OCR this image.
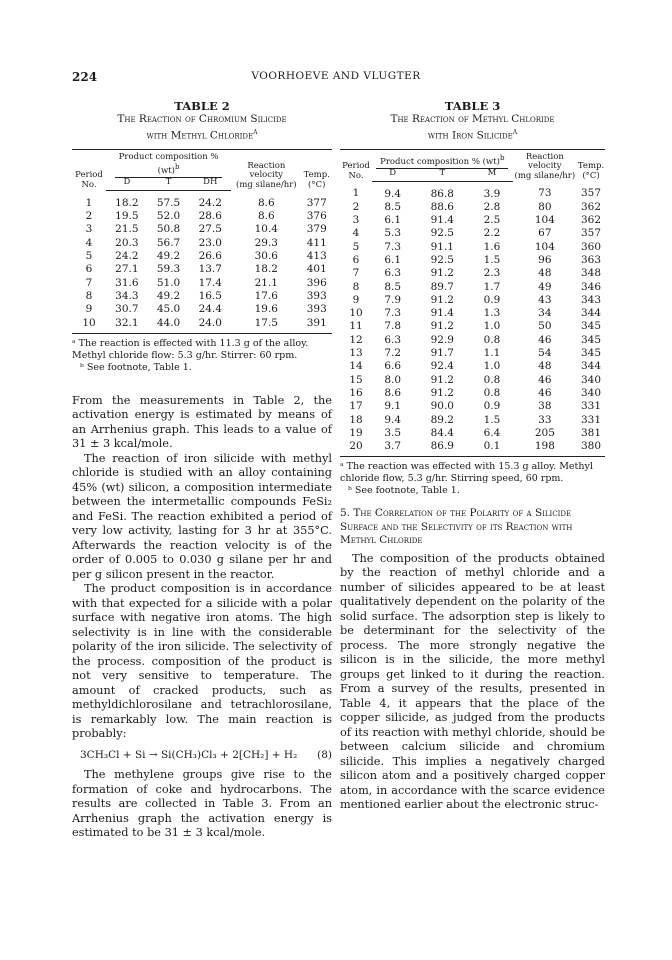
224	VOORHOEVE AND VLUGTER
TABLE 2
The Reaction of Chromium Silicide
with Methyl Chloride$^a$
Period
No.	Product composition %
(wt)$^b$			Reaction
velocity
(mg silane/hr)	Temp.
(°C)
	D	T	DH		
1	18.2	57.5	24.2	8.6	377
2	19.5	52.0	28.6	8.6	376
3	21.5	50.8	27.5	10.4	379
4	20.3	56.7	23.0	29.3	411
5	24.2	49.2	26.6	30.6	413
6	27.1	59.3	13.7	18.2	401
7	31.6	51.0	17.4	21.1	396
8	34.3	49.2	16.5	17.6	393
9	30.7	45.0	24.4	19.6	393
10	32.1	44.0	24.0	17.5	391

ᵃ The reaction is effected with 11.3 g of the alloy. Methyl chloride flow: 5.3 g/hr. Stirrer: 60 rpm.

ᵇ See footnote, Table 1.

From the measurements in Table 2, the activation energy is estimated by means of an Arrhenius graph. This leads to a value of 31 ± 3 kcal/mole.

The reaction of iron silicide with methyl chloride is studied with an alloy containing 45% (wt) silicon, a composition intermediate between the intermetallic compounds FeSi₂ and FeSi. The reaction exhibited a period of very low activity, lasting for 3 hr at 355°C. Afterwards the reaction velocity is of the order of 0.005 to 0.030 g silane per hr and per g silicon present in the reactor.

The product composition is in accordance with that expected for a silicide with a polar surface with negative iron atoms. The high selectivity is in line with the considerable polarity of the iron silicide. The selectivity of the process. composition of the product is not very sensitive to temperature. The amount of cracked products, such as methyldichlorosilane and tetrachlorosilane, is remarkably low. The main reaction is probably:

3CH₃Cl + Si → Si(CH₃)Cl₃ + 2[CH₂] + H₂ (8)

The methylene groups give rise to the formation of coke and hydrocarbons. The results are collected in Table 3. From an Arrhenius graph the activation energy is estimated to be 31 ± 3 kcal/mole.

TABLE 3
The Reaction of Methyl Chloride
with Iron Silicide$^a$
Period
No.	Product composition % (wt)$^b$			Reaction
velocity
(mg silane/hr)	Temp.
(°C)
	D	T	M		
1	9.4	86.8	3.9	73	357
2	8.5	88.6	2.8	80	362
3	6.1	91.4	2.5	104	362
4	5.3	92.5	2.2	67	357
5	7.3	91.1	1.6	104	360
6	6.1	92.5	1.5	96	363
7	6.3	91.2	2.3	48	348
8	8.5	89.7	1.7	49	346
9	7.9	91.2	0.9	43	343
10	7.3	91.4	1.3	34	344
11	7.8	91.2	1.0	50	345
12	6.3	92.9	0.8	46	345
13	7.2	91.7	1.1	54	345
14	6.6	92.4	1.0	48	344
15	8.0	91.2	0.8	46	340
16	8.6	91.2	0.8	46	340
17	9.1	90.0	0.9	38	331
18	9.4	89.2	1.5	33	331
19	3.5	84.4	6.4	205	381
20	3.7	86.9	0.1	198	380

ᵃ The reaction was effected with 15.3 g alloy. Methyl chloride flow, 5.3 g/hr. Stirring speed, 60 rpm.

ᵇ See footnote, Table 1.

5. The Correlation of the Polarity of a Silicide Surface and the Selectivity of its Reaction with Methyl Chloride

The composition of the products obtained by the reaction of methyl chloride and a number of silicides appeared to be at least qualitatively dependent on the polarity of the solid surface. The adsorption step is likely to be determinant for the selectivity of the process. The more strongly negative the silicon is in the silicide, the more methyl groups get linked to it during the reaction. From a survey of the results, presented in Table 4, it appears that the place of the copper silicide, as judged from the products of its reaction with methyl chloride, should be between calcium silicide and chromium silicide. This implies a negatively charged silicon atom and a positively charged copper atom, in accordance with the scarce evidence mentioned earlier about the electronic struc-
